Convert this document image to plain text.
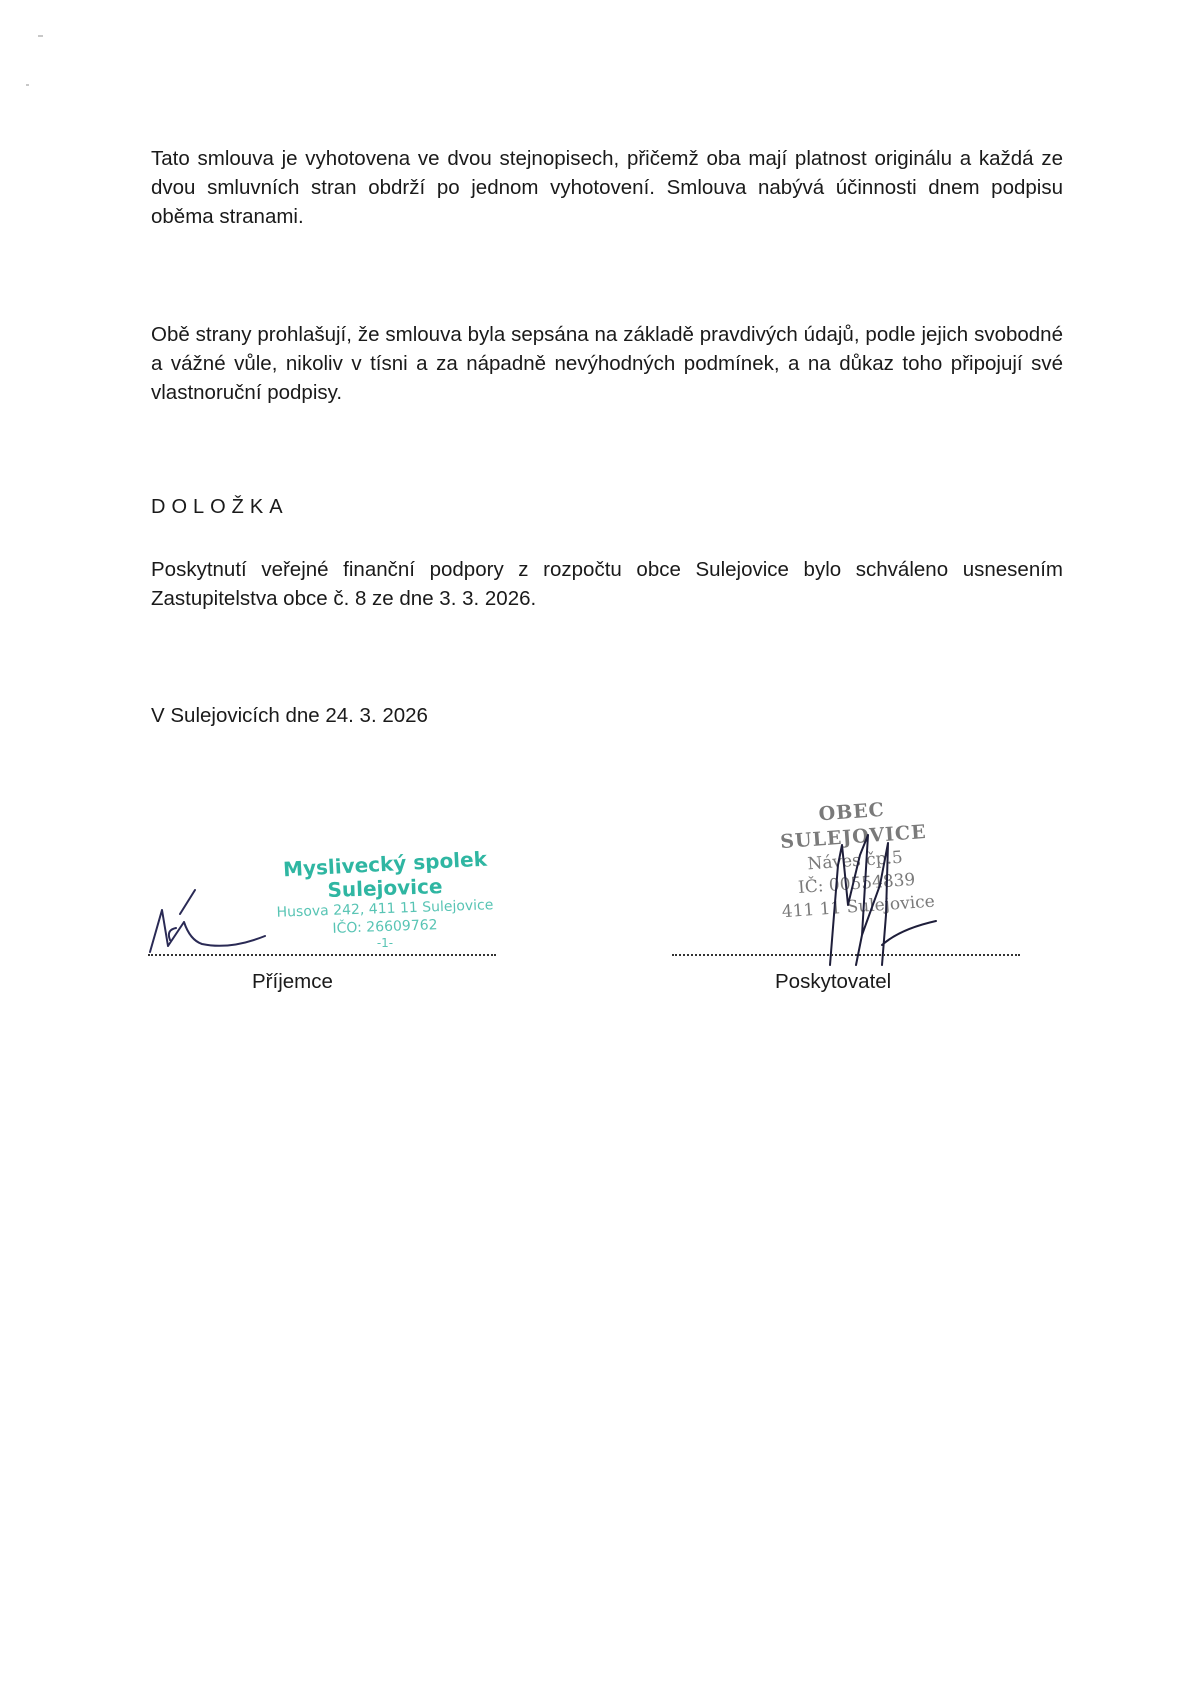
Tato smlouva je vyhotovena ve dvou stejnopisech, přičemž oba mají platnost originálu a každá ze dvou smluvních stran obdrží po jednom vyhotovení. Smlouva nabývá účinnosti dnem podpisu oběma stranami.

Obě strany prohlašují, že smlouva byla sepsána na základě pravdivých údajů, podle jejich svobodné a vážné vůle, nikoliv v tísni a za nápadně nevýhodných podmínek, a na důkaz toho připojují své vlastnoruční podpisy.

DOLOŽKA

Poskytnutí veřejné finanční podpory z rozpočtu obce Sulejovice bylo schváleno usnesením Zastupitelstva obce č. 8 ze dne 3. 3. 2026.

V Sulejovicích dne 24. 3. 2026

Myslivecký spolek
Sulejovice
Husova 242, 411 11 Sulejovice
IČO: 26609762
-1-
OBEC SULEJOVICE
Náves čp.5
IČ: 00554839
411 11 Sulejovice

Příjemce	Poskytovatel
